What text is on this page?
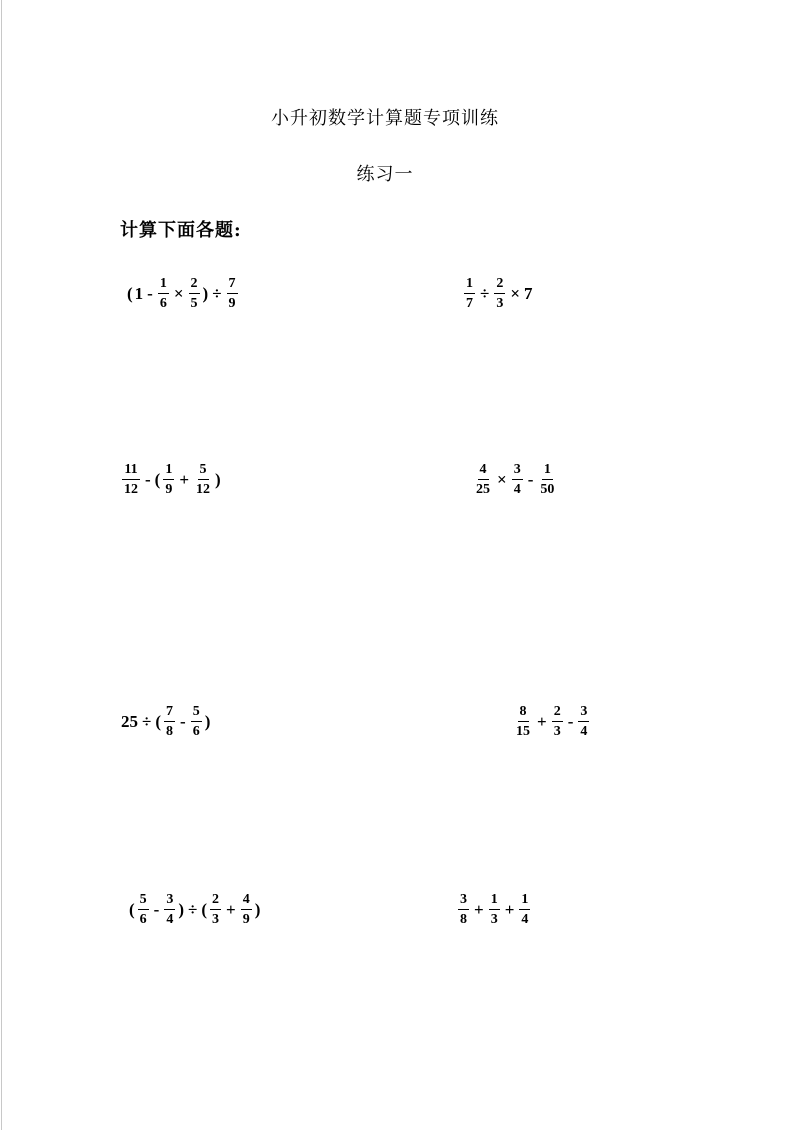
小升初数学计算题专项训练
练习一
计算下面各题:
( $1 - \frac{1}{6} \times \frac{2}{5}$ ) ÷ $\frac{7}{9}$	$\frac{1}{7} \div \frac{2}{3} \times 7$
$\frac{11}{12}$ - ( $\frac{1}{9} + \frac{5}{12}$ )	$\frac{4}{25} \times \frac{3}{4} - \frac{1}{50}$
25 ÷ ( $\frac{7}{8} - \frac{5}{6}$ )	$\frac{8}{15} + \frac{2}{3} - \frac{3}{4}$
( $\frac{5}{6} - \frac{3}{4}$ ) ÷ ( $\frac{2}{3} + \frac{4}{9}$ )	$\frac{3}{8} + \frac{1}{3} + \frac{1}{4}$
